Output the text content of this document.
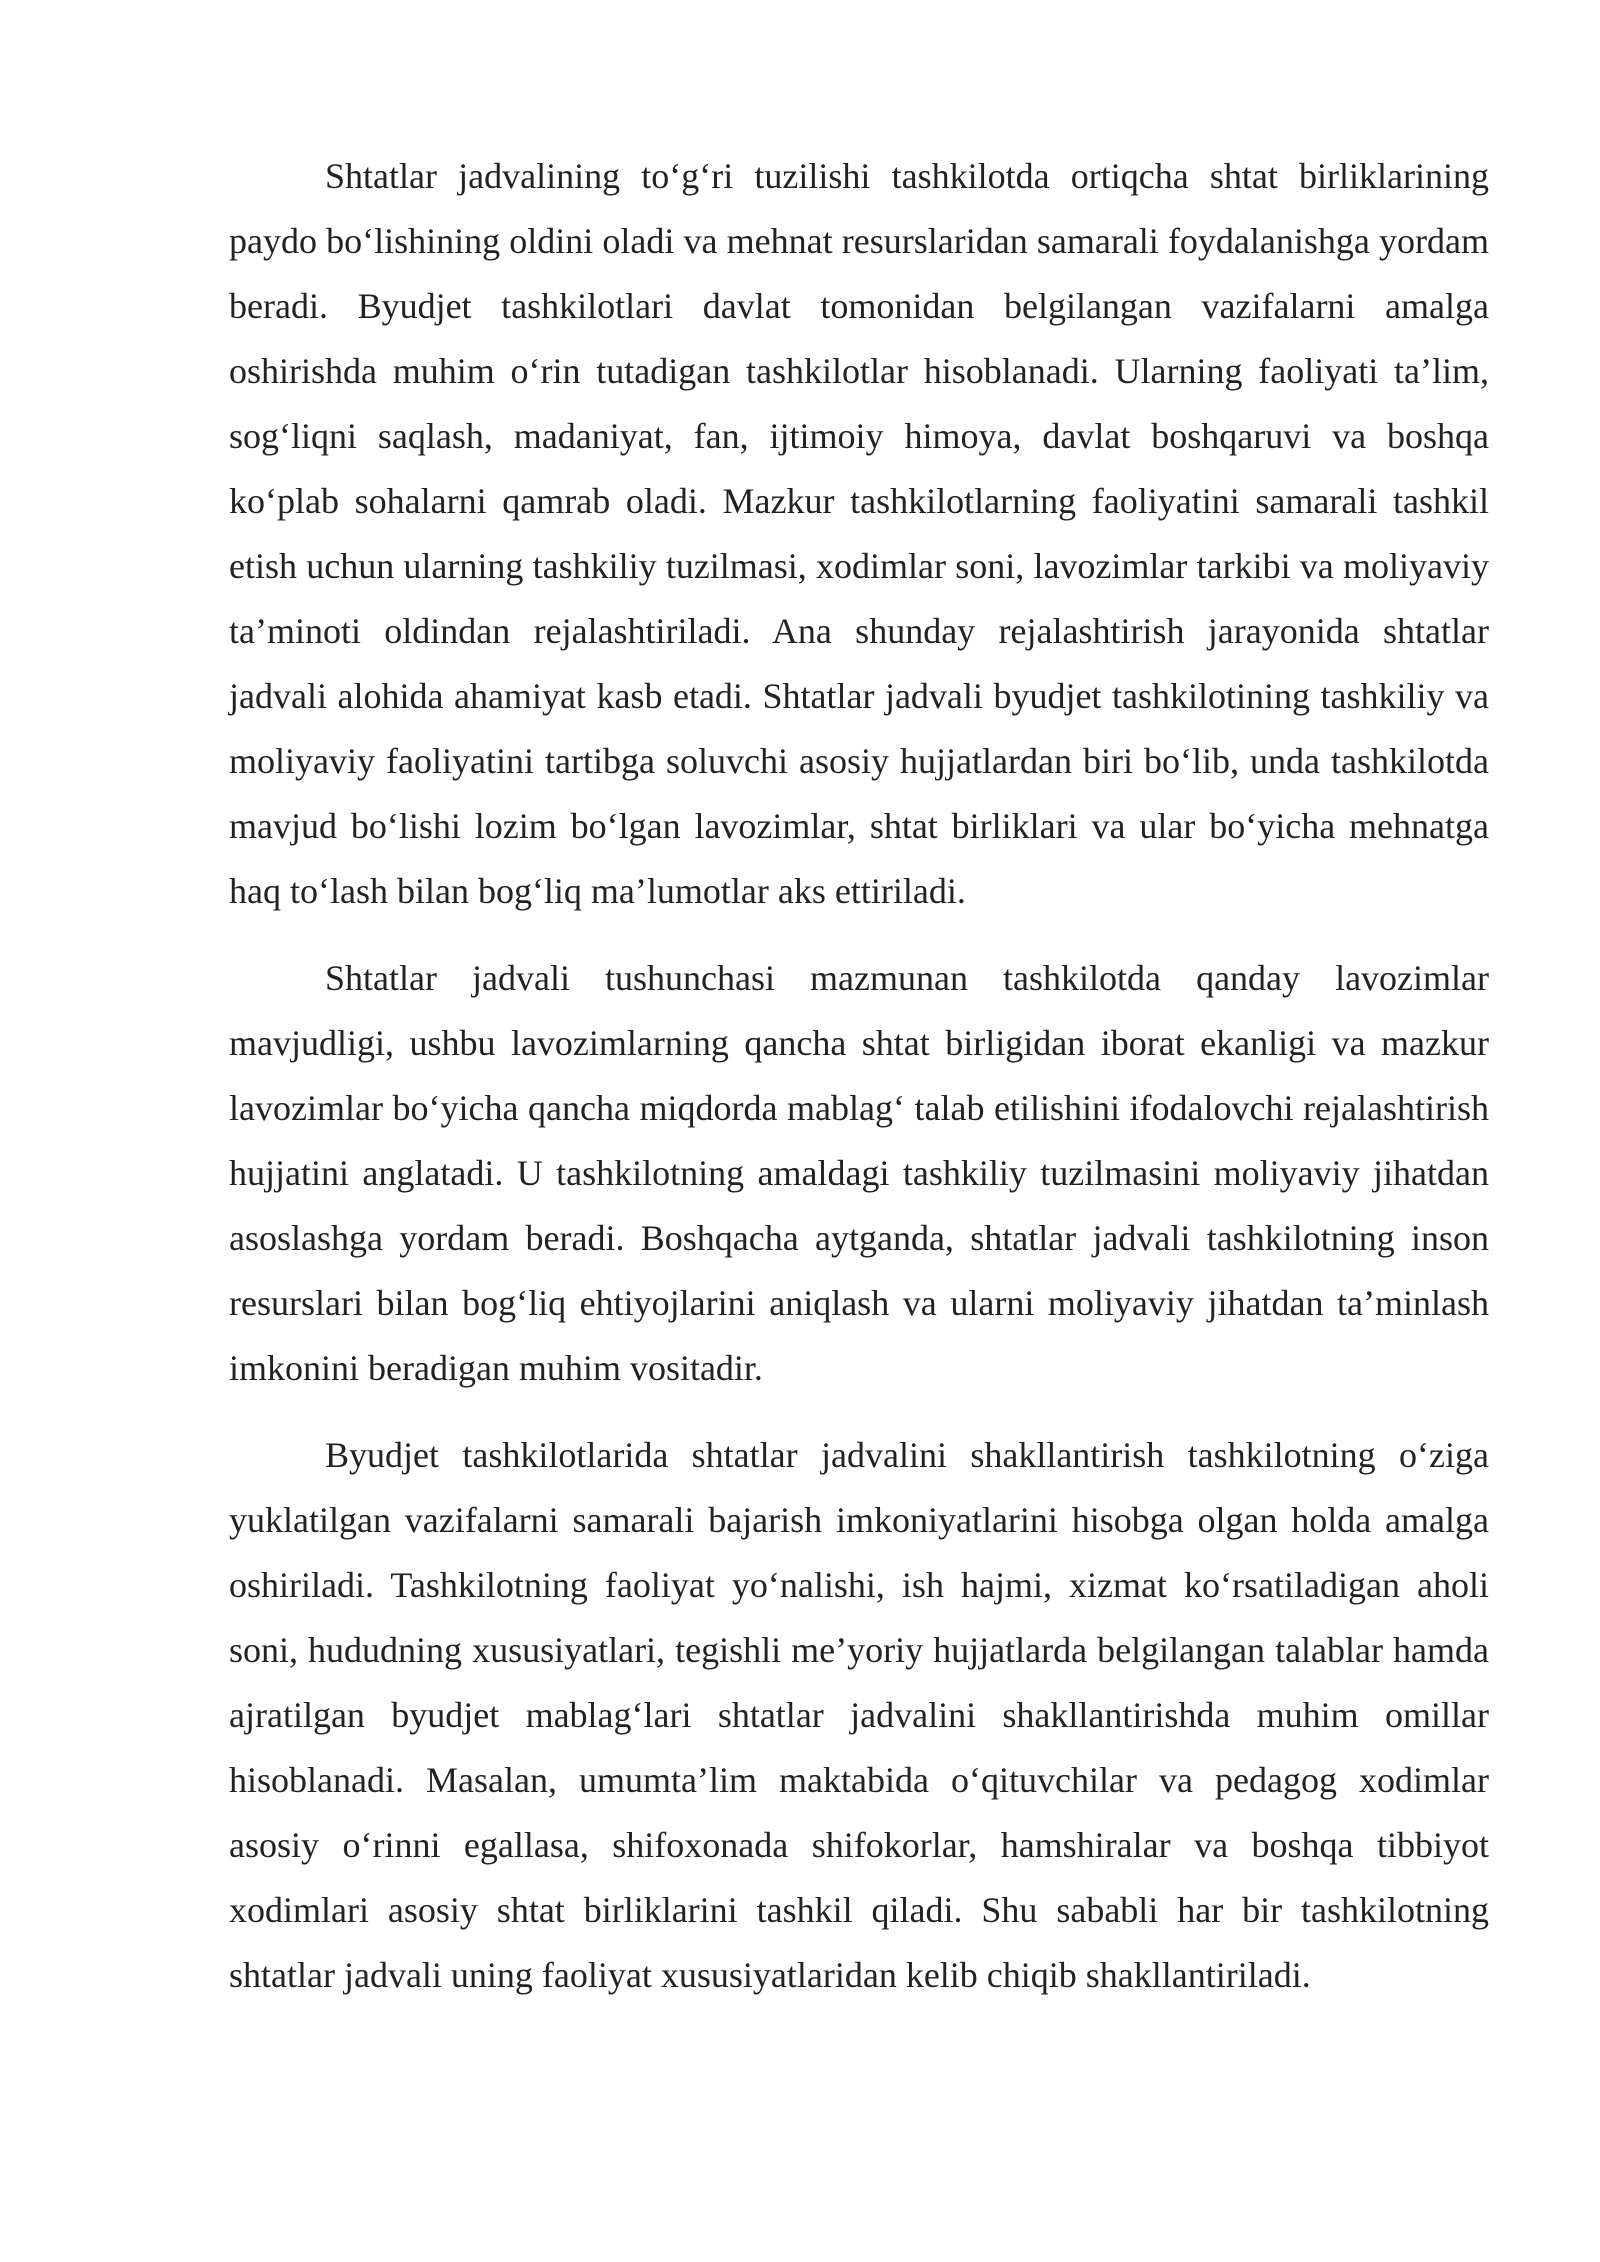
Shtatlar jadvalining to‘g‘ri tuzilishi tashkilotda ortiqcha shtat birliklarining paydo bo‘lishining oldini oladi va mehnat resurslaridan samarali foydalanishga yordam beradi. Byudjet tashkilotlari davlat tomonidan belgilangan vazifalarni amalga oshirishda muhim o‘rin tutadigan tashkilotlar hisoblanadi. Ularning faoliyati ta’lim, sog‘liqni saqlash, madaniyat, fan, ijtimoiy himoya, davlat boshqaruvi va boshqa ko‘plab sohalarni qamrab oladi. Mazkur tashkilotlarning faoliyatini samarali tashkil etish uchun ularning tashkiliy tuzilmasi, xodimlar soni, lavozimlar tarkibi va moliyaviy ta’minoti oldindan rejalashtiriladi. Ana shunday rejalashtirish jarayonida shtatlar jadvali alohida ahamiyat kasb etadi. Shtatlar jadvali byudjet tashkilotining tashkiliy va moliyaviy faoliyatini tartibga soluvchi asosiy hujjatlardan biri bo‘lib, unda tashkilotda mavjud bo‘lishi lozim bo‘lgan lavozimlar, shtat birliklari va ular bo‘yicha mehnatga haq to‘lash bilan bog‘liq ma’lumotlar aks ettiriladi.

Shtatlar jadvali tushunchasi mazmunan tashkilotda qanday lavozimlar mavjudligi, ushbu lavozimlarning qancha shtat birligidan iborat ekanligi va mazkur lavozimlar bo‘yicha qancha miqdorda mablag‘ talab etilishini ifodalovchi rejalashtirish hujjatini anglatadi. U tashkilotning amaldagi tashkiliy tuzilmasini moliyaviy jihatdan asoslashga yordam beradi. Boshqacha aytganda, shtatlar jadvali tashkilotning inson resurslari bilan bog‘liq ehtiyojlarini aniqlash va ularni moliyaviy jihatdan ta’minlash imkonini beradigan muhim vositadir.

Byudjet tashkilotlarida shtatlar jadvalini shakllantirish tashkilotning o‘ziga yuklatilgan vazifalarni samarali bajarish imkoniyatlarini hisobga olgan holda amalga oshiriladi. Tashkilotning faoliyat yo‘nalishi, ish hajmi, xizmat ko‘rsatiladigan aholi soni, hududning xususiyatlari, tegishli me’yoriy hujjatlarda belgilangan talablar hamda ajratilgan byudjet mablag‘lari shtatlar jadvalini shakllantirishda muhim omillar hisoblanadi. Masalan, umumta’lim maktabida o‘qituvchilar va pedagog xodimlar asosiy o‘rinni egallasa, shifoxonada shifokorlar, hamshiralar va boshqa tibbiyot xodimlari asosiy shtat birliklarini tashkil qiladi. Shu sababli har bir tashkilotning shtatlar jadvali uning faoliyat xususiyatlaridan kelib chiqib shakllantiriladi.
